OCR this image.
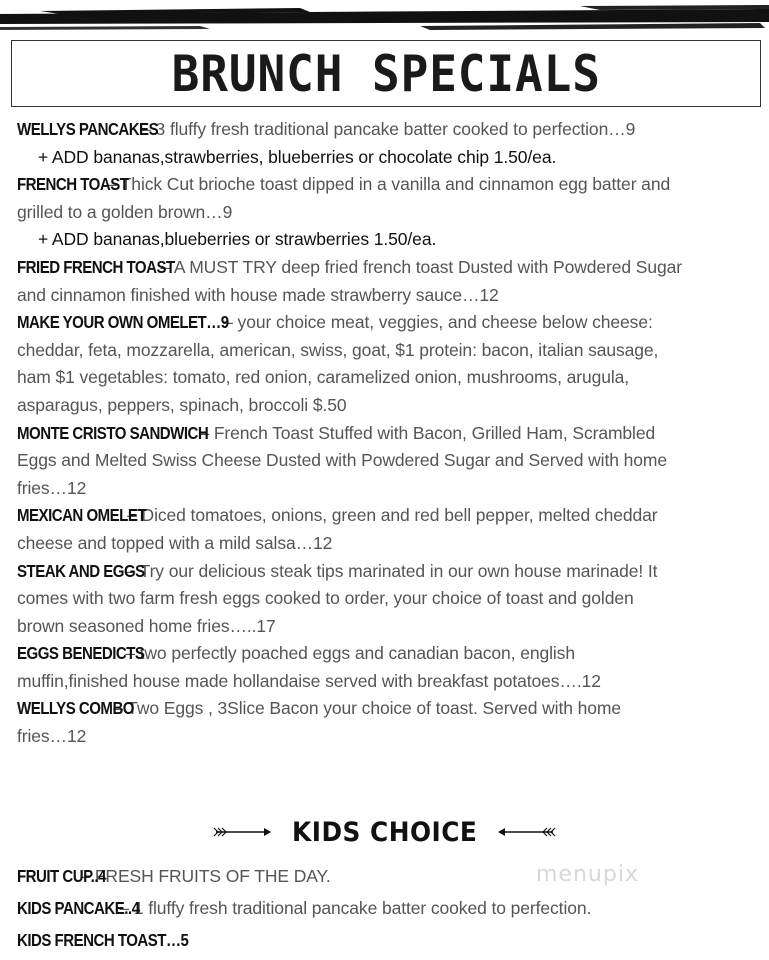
BRUNCH SPECIALS
WELLYS PANCAKES – 3 fluffy fresh traditional pancake batter cooked to perfection…9
+ ADD bananas,strawberries, blueberries or chocolate chip 1.50/ea.
FRENCH TOAST – Thick Cut brioche toast dipped in a vanilla and cinnamon egg batter and
grilled to a golden brown…9
+ ADD bananas,blueberries or strawberries 1.50/ea.
FRIED FRENCH TOAST – A MUST TRY deep fried french toast Dusted with Powdered Sugar
and cinnamon finished with house made strawberry sauce…12
MAKE YOUR OWN OMELET…9 – your choice meat, veggies, and cheese below cheese:
cheddar, feta, mozzarella, american, swiss, goat, $1 protein: bacon, italian sausage,
ham $1 vegetables: tomato, red onion, caramelized onion, mushrooms, arugula,
asparagus, peppers, spinach, broccoli $.50
MONTE CRISTO SANDWICH – French Toast Stuffed with Bacon, Grilled Ham, Scrambled
Eggs and Melted Swiss Cheese Dusted with Powdered Sugar and Served with home
fries…12
MEXICAN OMELET – Diced tomatoes, onions, green and red bell pepper, melted cheddar
cheese and topped with a mild salsa…12
STEAK AND EGGS – Try our delicious steak tips marinated in our own house marinade! It
comes with two farm fresh eggs cooked to order, your choice of toast and golden
brown seasoned home fries…..17
EGGS BENEDICTS – two perfectly poached eggs and canadian bacon, english
muffin,finished house made hollandaise served with breakfast potatoes….12
WELLYS COMBO – Two Eggs , 3Slice Bacon your choice of toast. Served with home
fries…12
KIDS CHOICE
FRUIT CUP..4 – FRESH FRUITS OF THE DAY.
KIDS PANCAKE..4 – 1 fluffy fresh traditional pancake batter cooked to perfection.
KIDS FRENCH TOAST…5
menupix
